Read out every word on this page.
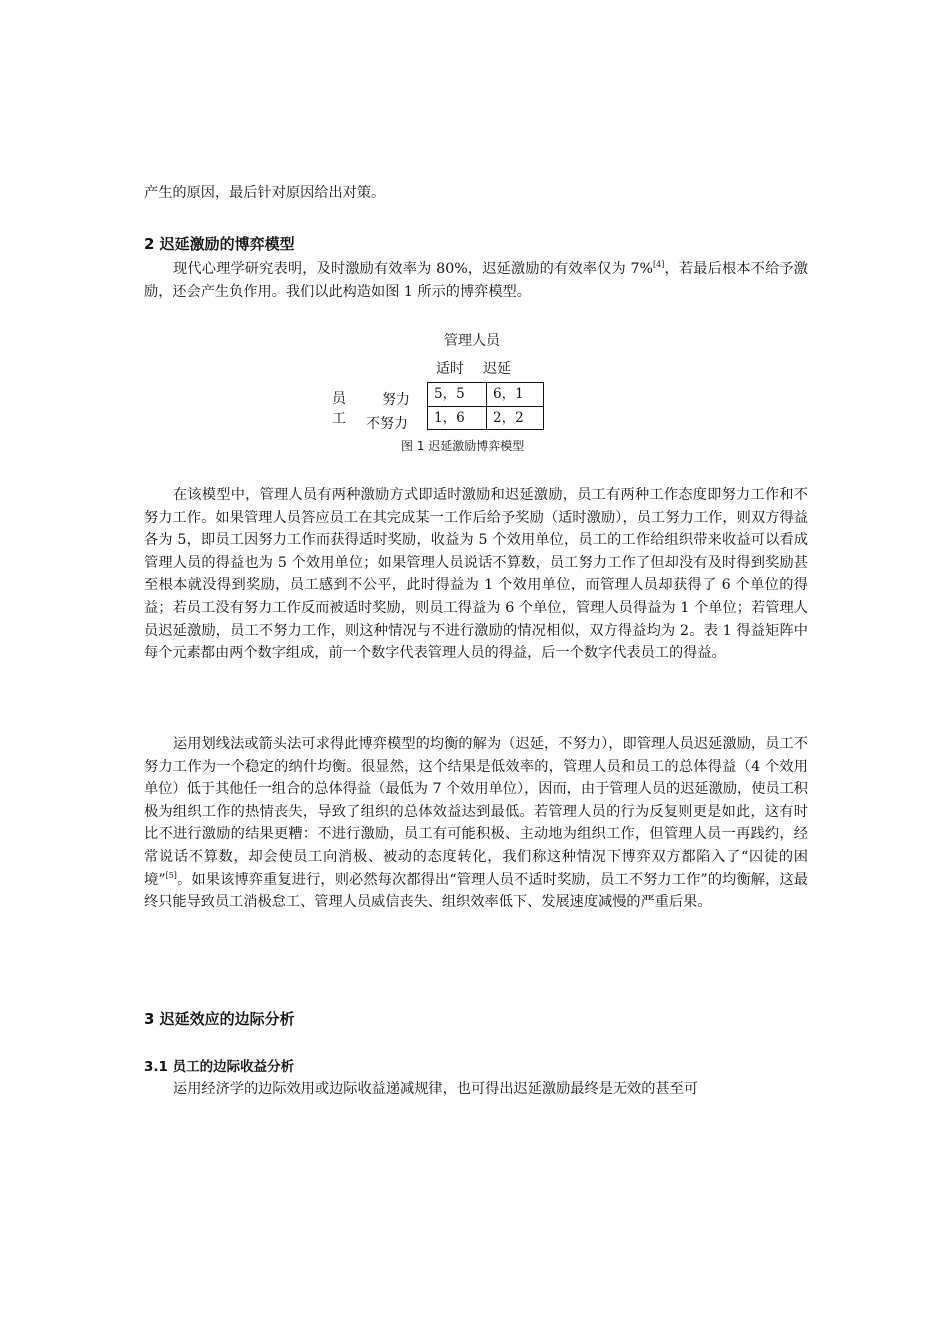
产生的原因，最后针对原因给出对策。

2 迟延激励的博弈模型

现代心理学研究表明，及时激励有效率为 80%，迟延激励的有效率仅为 7%[4]，若最后根本不给予激励，还会产生负作用。我们以此构造如图 1 所示的博弈模型。

管理人员
适时 迟延
员
工
努力
不努力
5，5	6，1
1，6	2，2
图 1 迟延激励博弈模型

在该模型中，管理人员有两种激励方式即适时激励和迟延激励，员工有两种工作态度即努力工作和不努力工作。如果管理人员答应员工在其完成某一工作后给予奖励（适时激励），员工努力工作，则双方得益各为 5，即员工因努力工作而获得适时奖励，收益为 5 个效用单位，员工的工作给组织带来收益可以看成管理人员的得益也为 5 个效用单位；如果管理人员说话不算数，员工努力工作了但却没有及时得到奖励甚至根本就没得到奖励，员工感到不公平，此时得益为 1 个效用单位，而管理人员却获得了 6 个单位的得益；若员工没有努力工作反而被适时奖励，则员工得益为 6 个单位，管理人员得益为 1 个单位；若管理人员迟延激励，员工不努力工作，则这种情况与不进行激励的情况相似，双方得益均为 2。表 1 得益矩阵中每个元素都由两个数字组成，前一个数字代表管理人员的得益，后一个数字代表员工的得益。

运用划线法或箭头法可求得此博弈模型的均衡的解为（迟延，不努力），即管理人员迟延激励，员工不努力工作为一个稳定的纳什均衡。很显然，这个结果是低效率的，管理人员和员工的总体得益（4 个效用单位）低于其他任一组合的总体得益（最低为 7 个效用单位），因而，由于管理人员的迟延激励，使员工积极为组织工作的热情丧失，导致了组织的总体效益达到最低。若管理人员的行为反复则更是如此，这有时比不进行激励的结果更糟：不进行激励，员工有可能积极、主动地为组织工作，但管理人员一再践约，经常说话不算数，却会使员工向消极、被动的态度转化，我们称这种情况下博弈双方都陷入了“囚徒的困境”[5]。如果该博弈重复进行，则必然每次都得出“管理人员不适时奖励，员工不努力工作”的均衡解，这最终只能导致员工消极怠工、管理人员威信丧失、组织效率低下、发展速度减慢的严重后果。

3 迟延效应的边际分析
3.1 员工的边际收益分析

运用经济学的边际效用或边际收益递减规律，也可得出迟延激励最终是无效的甚至可
